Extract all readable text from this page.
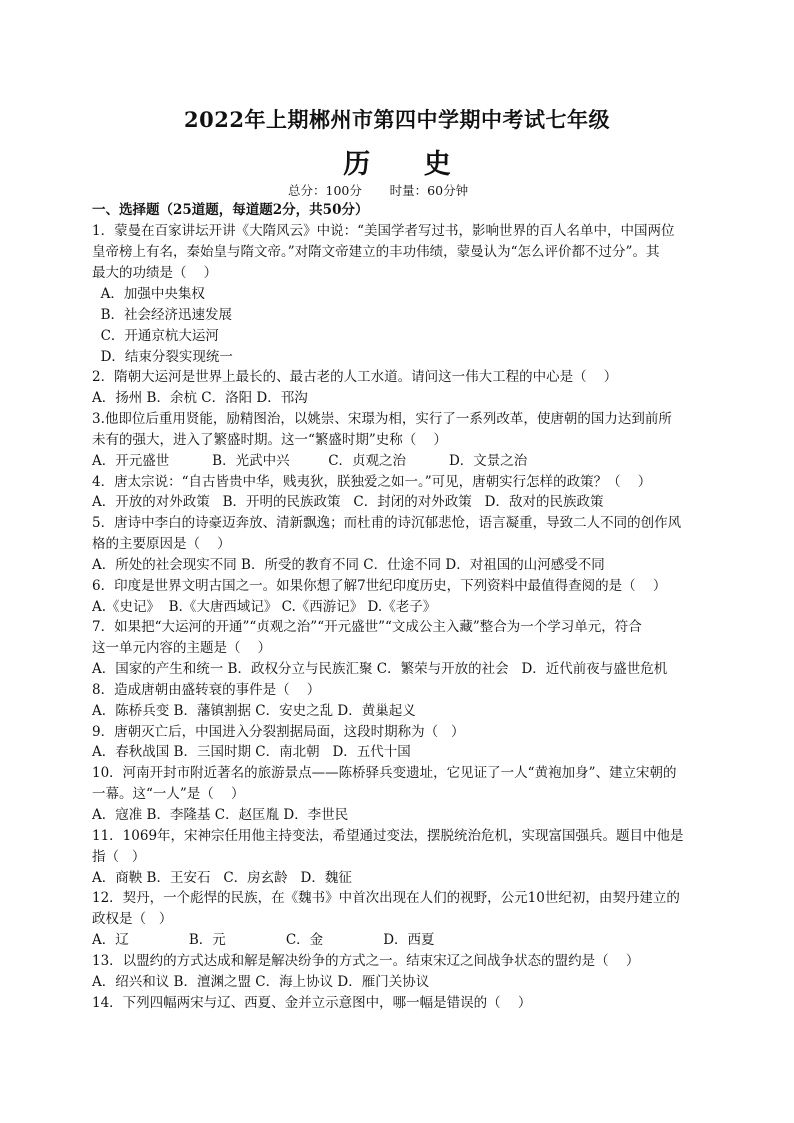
2022年上期郴州市第四中学期中考试七年级
历 史
总分：100分       时量：60分钟
一、选择题（25道题，每道题2分，共50分）
1．蒙曼在百家讲坛开讲《大隋风云》中说：“美国学者写过书，影响世界的百人名单中，中国两位
皇帝榜上有名，秦始皇与隋文帝。”对隋文帝建立的丰功伟绩，蒙曼认为“怎么评价都不过分”。其
最大的功绩是（    ）
A．加强中央集权
B．社会经济迅速发展
C．开通京杭大运河
D．结束分裂实现统一
2．隋朝大运河是世界上最长的、最古老的人工水道。请问这一伟大工程的中心是（    ）
A．扬州 B．余杭 C．洛阳 D．邗沟
3.他即位后重用贤能，励精图治，以姚崇、宋璟为相，实行了一系列改革，使唐朝的国力达到前所
未有的强大，进入了繁盛时期。这一“繁盛时期”史称（    ）
A．开元盛世          B．光武中兴         C．贞观之治          D．文景之治
4．唐太宗说：“自古皆贵中华，贱夷狄，朕独爱之如一。”可见，唐朝实行怎样的政策？（    ）
A．开放的对外政策   B．开明的民族政策   C．封闭的对外政策   D．敌对的民族政策
5．唐诗中李白的诗豪迈奔放、清新飘逸；而杜甫的诗沉郁悲怆，语言凝重，导致二人不同的创作风
格的主要原因是（    ）
A．所处的社会现实不同 B．所受的教育不同 C．仕途不同 D．对祖国的山河感受不同
6．印度是世界文明古国之一。如果你想了解7世纪印度历史，下列资料中最值得查阅的是（    ）
A.《史记》  B.《大唐西域记》 C.《西游记》 D.《老子》
7．如果把“大运河的开通”“贞观之治”“开元盛世”“文成公主入藏”整合为一个学习单元，符合
这一单元内容的主题是（    ）
A．国家的产生和统一 B．政权分立与民族汇聚 C．繁荣与开放的社会   D．近代前夜与盛世危机
8．造成唐朝由盛转衰的事件是（    ）
A．陈桥兵变 B．藩镇割据 C．安史之乱 D．黄巢起义
9．唐朝灭亡后，中国进入分裂割据局面，这段时期称为（   ）
A．春秋战国 B．三国时期 C．南北朝   D．五代十国
10．河南开封市附近著名的旅游景点——陈桥驿兵变遗址，它见证了一人“黄袍加身”、建立宋朝的
一幕。这“一人”是（    ）
A．寇准 B．李隆基 C．赵匡胤 D．李世民
11．1069年，宋神宗任用他主持变法，希望通过变法，摆脱统治危机，实现富国强兵。题目中他是
指（   ）
A．商鞅 B．王安石   C．房玄龄   D．魏征
12．契丹，一个彪悍的民族，在《魏书》中首次出现在人们的视野，公元10世纪初，由契丹建立的
政权是（   ）
A．辽              B．元              C．金              D．西夏
13．以盟约的方式达成和解是解决纷争的方式之一。结束宋辽之间战争状态的盟约是（    ）
A．绍兴和议 B．澶渊之盟 C．海上协议 D．雁门关协议
14．下列四幅两宋与辽、西夏、金并立示意图中，哪一幅是错误的（    ）
